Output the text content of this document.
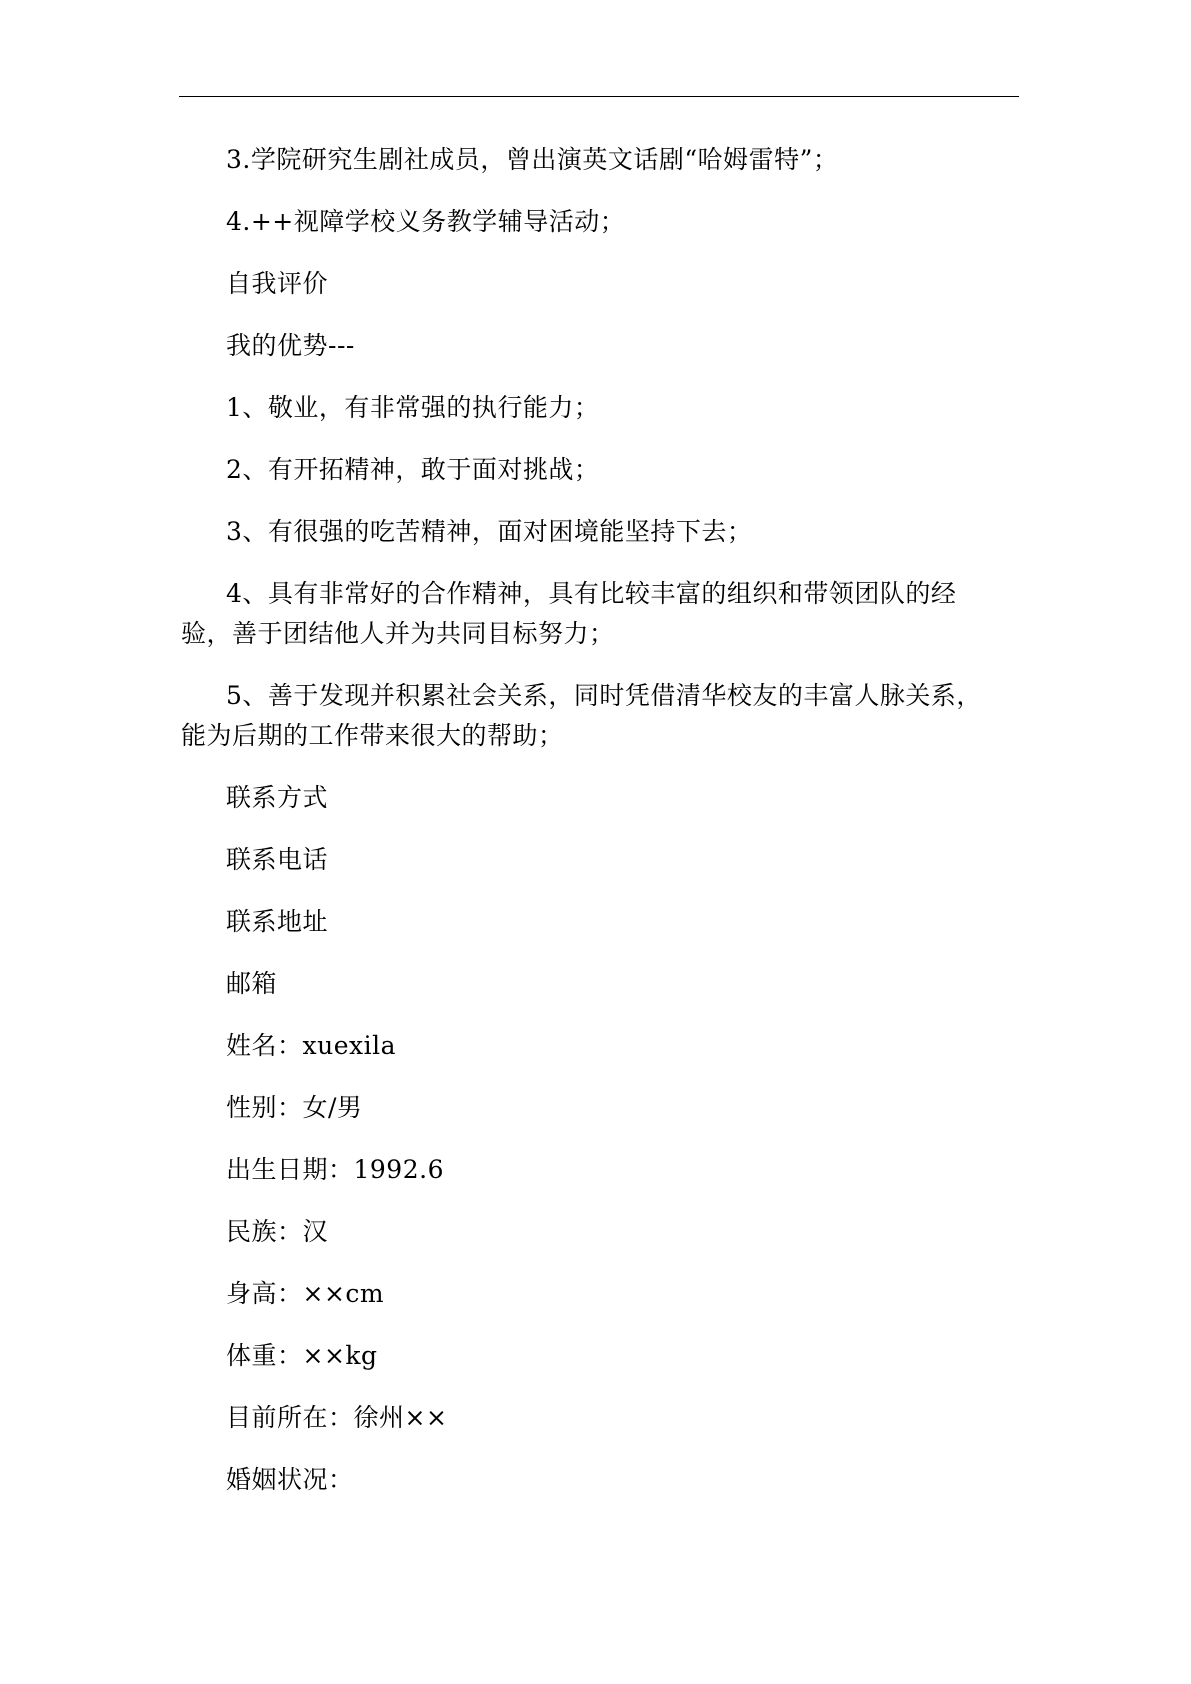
3.学院研究生剧社成员，曾出演英文话剧“哈姆雷特”；

4.++视障学校义务教学辅导活动；

自我评价

我的优势---

1、敬业，有非常强的执行能力；

2、有开拓精神，敢于面对挑战；

3、有很强的吃苦精神，面对困境能坚持下去；

4、具有非常好的合作精神，具有比较丰富的组织和带领团队的经验，善于团结他人并为共同目标努力；

5、善于发现并积累社会关系，同时凭借清华校友的丰富人脉关系，能为后期的工作带来很大的帮助；

联系方式

联系电话

联系地址

邮箱

姓名：xuexila

性别：女/男

出生日期：1992.6

民族：汉

身高：××cm

体重：××kg

目前所在：徐州××

婚姻状况：
